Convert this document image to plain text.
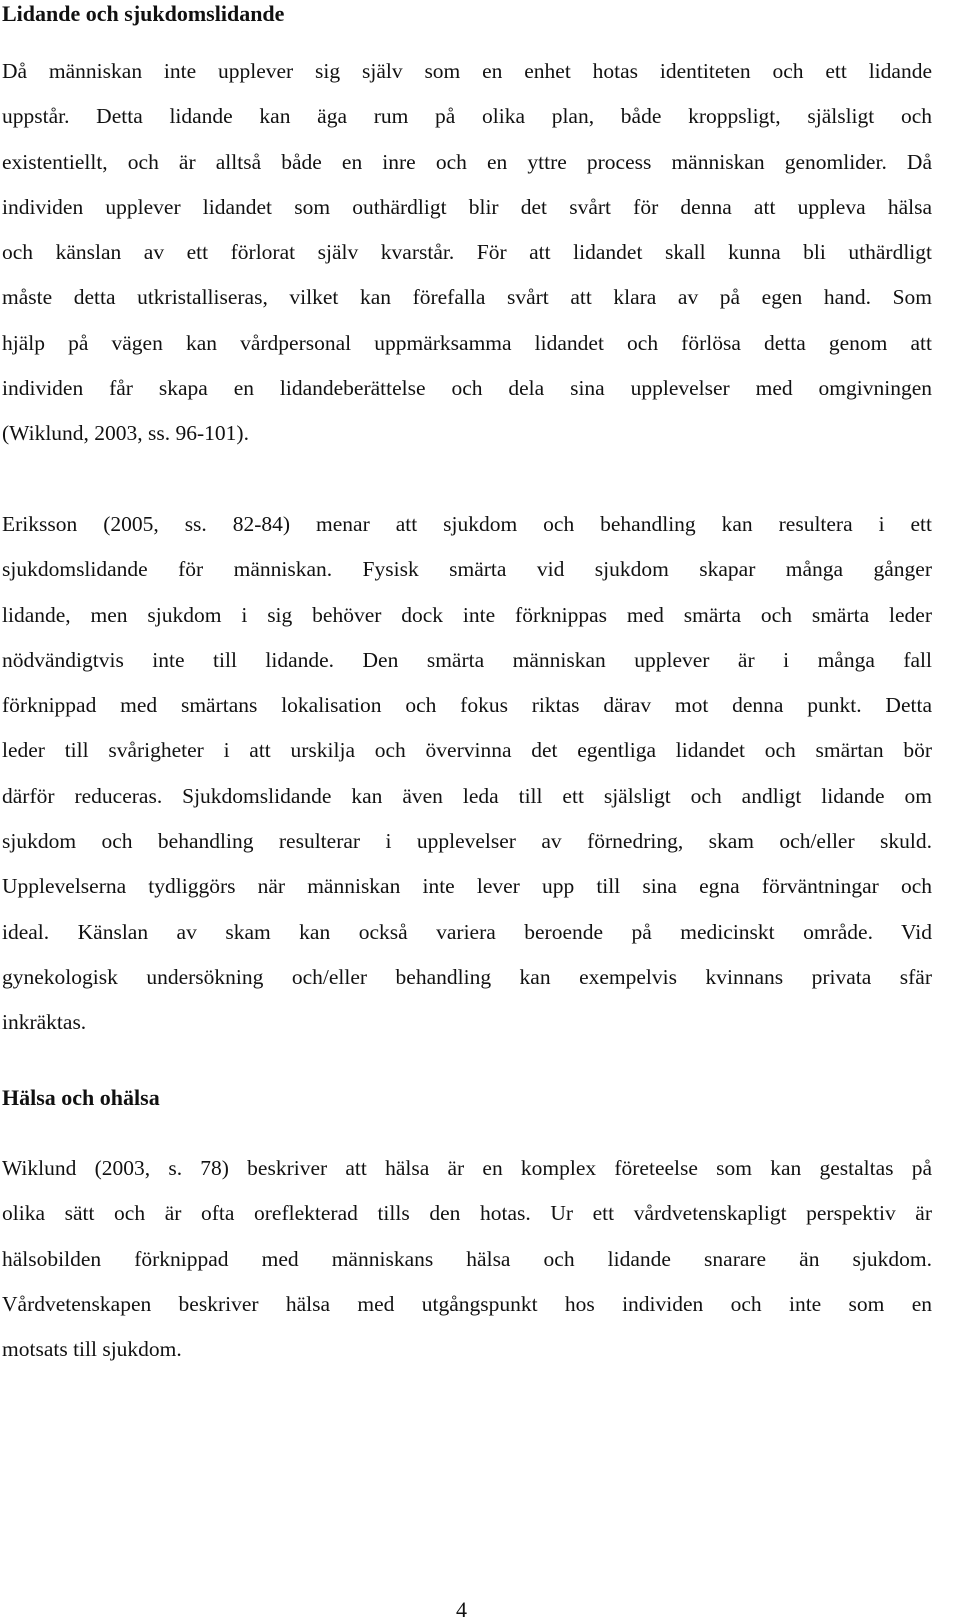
Lidande och sjukdomslidande
Då människan inte upplever sig själv som en enhet hotas identiteten och ett lidande
uppstår. Detta lidande kan äga rum på olika plan, både kroppsligt, själsligt och
existentiellt, och är alltså både en inre och en yttre process människan genomlider. Då
individen upplever lidandet som outhärdligt blir det svårt för denna att uppleva hälsa
och känslan av ett förlorat själv kvarstår. För att lidandet skall kunna bli uthärdligt
måste detta utkristalliseras, vilket kan förefalla svårt att klara av på egen hand. Som
hjälp på vägen kan vårdpersonal uppmärksamma lidandet och förlösa detta genom att
individen får skapa en lidandeberättelse och dela sina upplevelser med omgivningen
(Wiklund, 2003, ss. 96-101).
Eriksson (2005, ss. 82-84) menar att sjukdom och behandling kan resultera i ett
sjukdomslidande för människan. Fysisk smärta vid sjukdom skapar många gånger
lidande, men sjukdom i sig behöver dock inte förknippas med smärta och smärta leder
nödvändigtvis inte till lidande. Den smärta människan upplever är i många fall
förknippad med smärtans lokalisation och fokus riktas därav mot denna punkt. Detta
leder till svårigheter i att urskilja och övervinna det egentliga lidandet och smärtan bör
därför reduceras. Sjukdomslidande kan även leda till ett själsligt och andligt lidande om
sjukdom och behandling resulterar i upplevelser av förnedring, skam och/eller skuld.
Upplevelserna tydliggörs när människan inte lever upp till sina egna förväntningar och
ideal. Känslan av skam kan också variera beroende på medicinskt område. Vid
gynekologisk undersökning och/eller behandling kan exempelvis kvinnans privata sfär
inkräktas.
Hälsa och ohälsa
Wiklund (2003, s. 78) beskriver att hälsa är en komplex företeelse som kan gestaltas på
olika sätt och är ofta oreflekterad tills den hotas. Ur ett vårdvetenskapligt perspektiv är
hälsobilden förknippad med människans hälsa och lidande snarare än sjukdom.
Vårdvetenskapen beskriver hälsa med utgångspunkt hos individen och inte som en
motsats till sjukdom.
4
